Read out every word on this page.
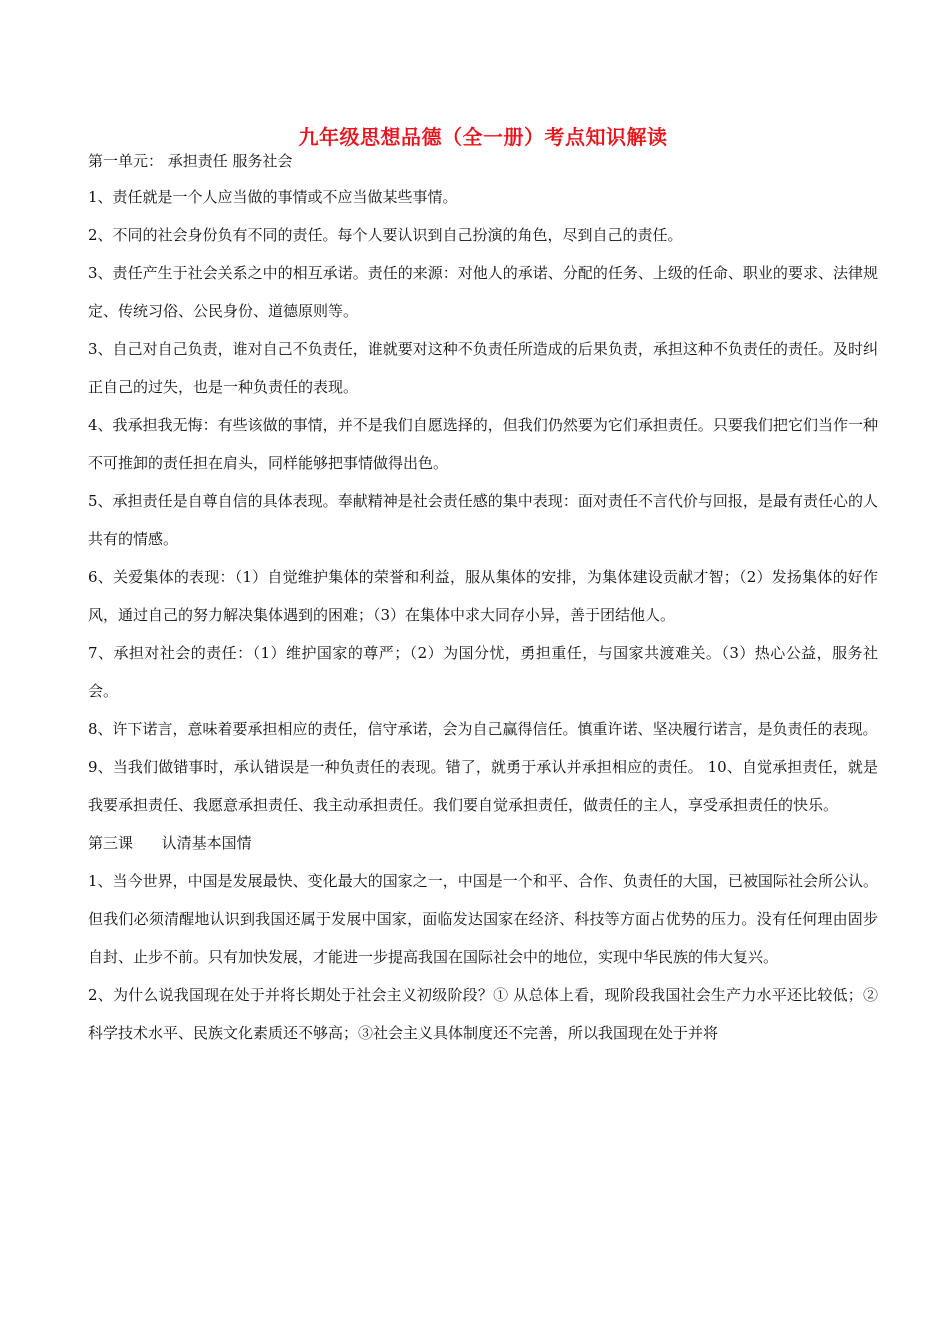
九年级思想品德（全一册）考点知识解读
第一单元： 承担责任 服务社会

1、责任就是一个人应当做的事情或不应当做某些事情。

2、不同的社会身份负有不同的责任。每个人要认识到自己扮演的角色，尽到自己的责任。

3、责任产生于社会关系之中的相互承诺。责任的来源：对他人的承诺、分配的任务、上级的任命、职业的要求、法律规定、传统习俗、公民身份、道德原则等。

3、自己对自己负责，谁对自己不负责任，谁就要对这种不负责任所造成的后果负责，承担这种不负责任的责任。及时纠正自己的过失，也是一种负责任的表现。

4、我承担我无悔：有些该做的事情，并不是我们自愿选择的，但我们仍然要为它们承担责任。只要我们把它们当作一种不可推卸的责任担在肩头，同样能够把事情做得出色。

5、承担责任是自尊自信的具体表现。奉献精神是社会责任感的集中表现：面对责任不言代价与回报，是最有责任心的人共有的情感。

6、关爱集体的表现：（1）自觉维护集体的荣誉和利益，服从集体的安排，为集体建设贡献才智；（2）发扬集体的好作风，通过自己的努力解决集体遇到的困难；（3）在集体中求大同存小异，善于团结他人。

7、承担对社会的责任：（1）维护国家的尊严；（2）为国分忧，勇担重任，与国家共渡难关。（3）热心公益，服务社会。

8、许下诺言，意味着要承担相应的责任，信守承诺，会为自己赢得信任。慎重许诺、坚决履行诺言，是负责任的表现。

9、当我们做错事时，承认错误是一种负责任的表现。错了，就勇于承认并承担相应的责任。 10、自觉承担责任，就是我要承担责任、我愿意承担责任、我主动承担责任。我们要自觉承担责任，做责任的主人，享受承担责任的快乐。

第三课      认清基本国情

1、当今世界，中国是发展最快、变化最大的国家之一，中国是一个和平、合作、负责任的大国，已被国际社会所公认。但我们必须清醒地认识到我国还属于发展中国家，面临发达国家在经济、科技等方面占优势的压力。没有任何理由固步自封、止步不前。只有加快发展，才能进一步提高我国在国际社会中的地位，实现中华民族的伟大复兴。

2、为什么说我国现在处于并将长期处于社会主义初级阶段？① 从总体上看，现阶段我国社会生产力水平还比较低；②科学技术水平、民族文化素质还不够高；③社会主义具体制度还不完善，所以我国现在处于并将
